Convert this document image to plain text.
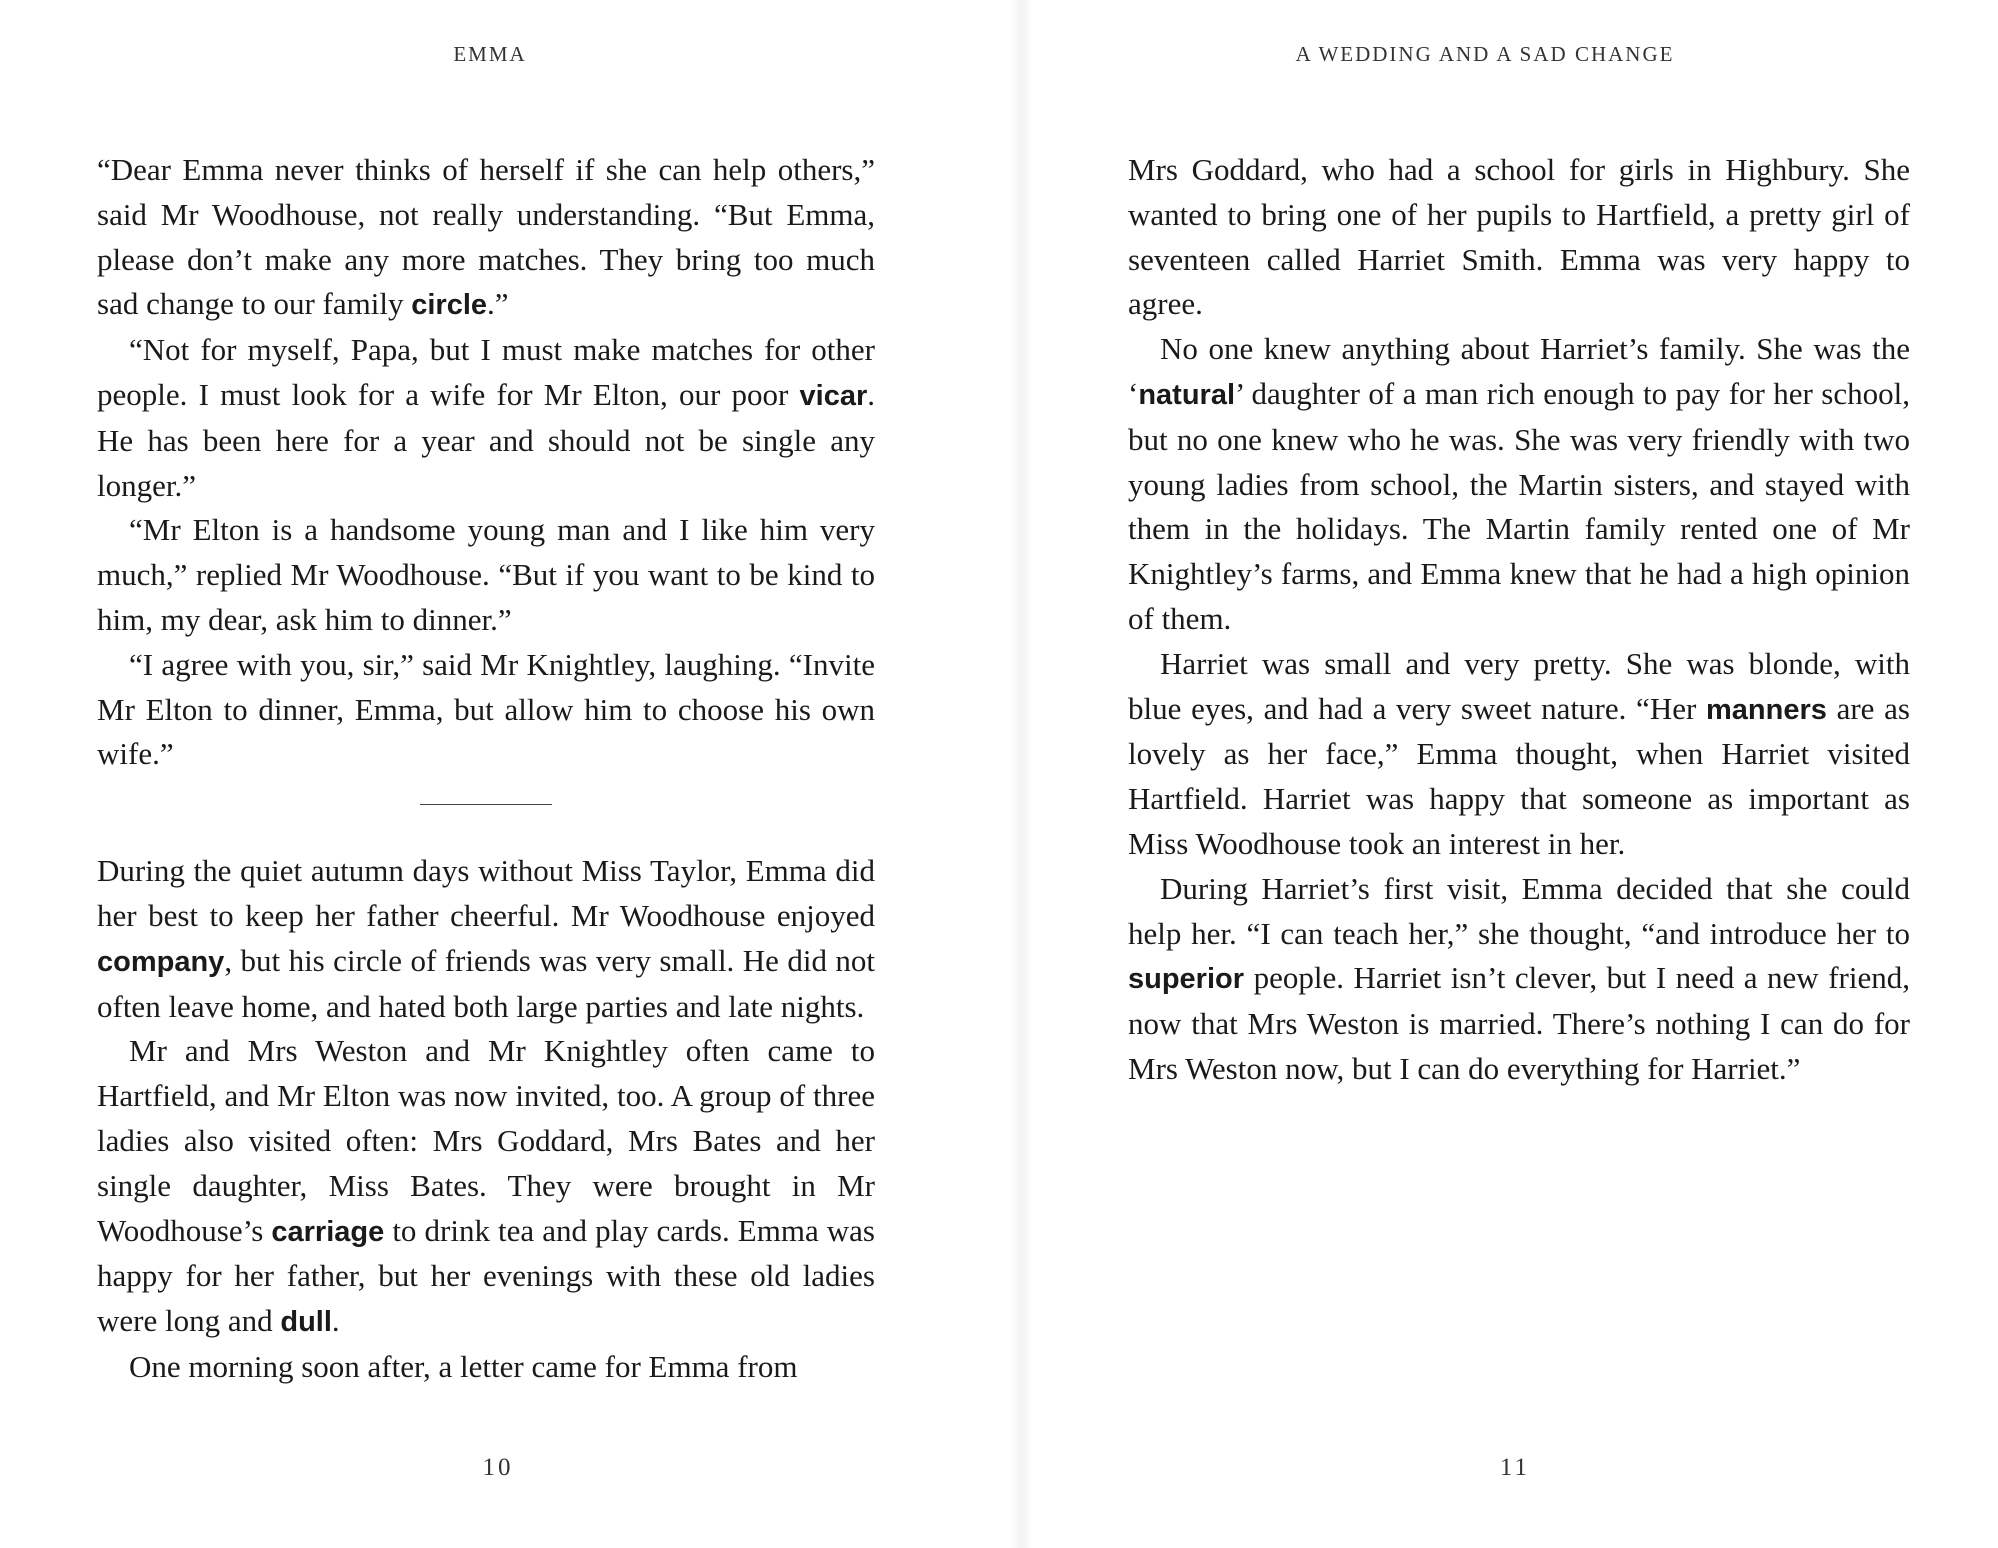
EMMA

“Dear Emma never thinks of herself if she can help others,” said Mr Woodhouse, not really understanding. “But Emma, please don’t make any more matches. They bring too much sad change to our family circle.”

“Not for myself, Papa, but I must make matches for other people. I must look for a wife for Mr Elton, our poor vicar. He has been here for a year and should not be single any longer.”

“Mr Elton is a handsome young man and I like him very much,” replied Mr Woodhouse. “But if you want to be kind to him, my dear, ask him to dinner.”

“I agree with you, sir,” said Mr Knightley, laughing. “Invite Mr Elton to dinner, Emma, but allow him to choose his own wife.”

During the quiet autumn days without Miss Taylor, Emma did her best to keep her father cheerful. Mr Woodhouse enjoyed company, but his circle of friends was very small. He did not often leave home, and hated both large parties and late nights.

Mr and Mrs Weston and Mr Knightley often came to Hartfield, and Mr Elton was now invited, too. A group of three ladies also visited often: Mrs Goddard, Mrs Bates and her single daughter, Miss Bates. They were brought in Mr Woodhouse’s carriage to drink tea and play cards. Emma was happy for her father, but her evenings with these old ladies were long and dull.

One morning soon after, a letter came for Emma from

10
A WEDDING AND A SAD CHANGE

Mrs Goddard, who had a school for girls in Highbury. She wanted to bring one of her pupils to Hartfield, a pretty girl of seventeen called Harriet Smith. Emma was very happy to agree.

No one knew anything about Harriet’s family. She was the ‘natural’ daughter of a man rich enough to pay for her school, but no one knew who he was. She was very friendly with two young ladies from school, the Martin sisters, and stayed with them in the holidays. The Martin family rented one of Mr Knightley’s farms, and Emma knew that he had a high opinion of them.

Harriet was small and very pretty. She was blonde, with blue eyes, and had a very sweet nature. “Her manners are as lovely as her face,” Emma thought, when Harriet visited Hartfield. Harriet was happy that someone as important as Miss Woodhouse took an interest in her.

During Harriet’s first visit, Emma decided that she could help her. “I can teach her,” she thought, “and introduce her to superior people. Harriet isn’t clever, but I need a new friend, now that Mrs Weston is married. There’s nothing I can do for Mrs Weston now, but I can do everything for Harriet.”

11
